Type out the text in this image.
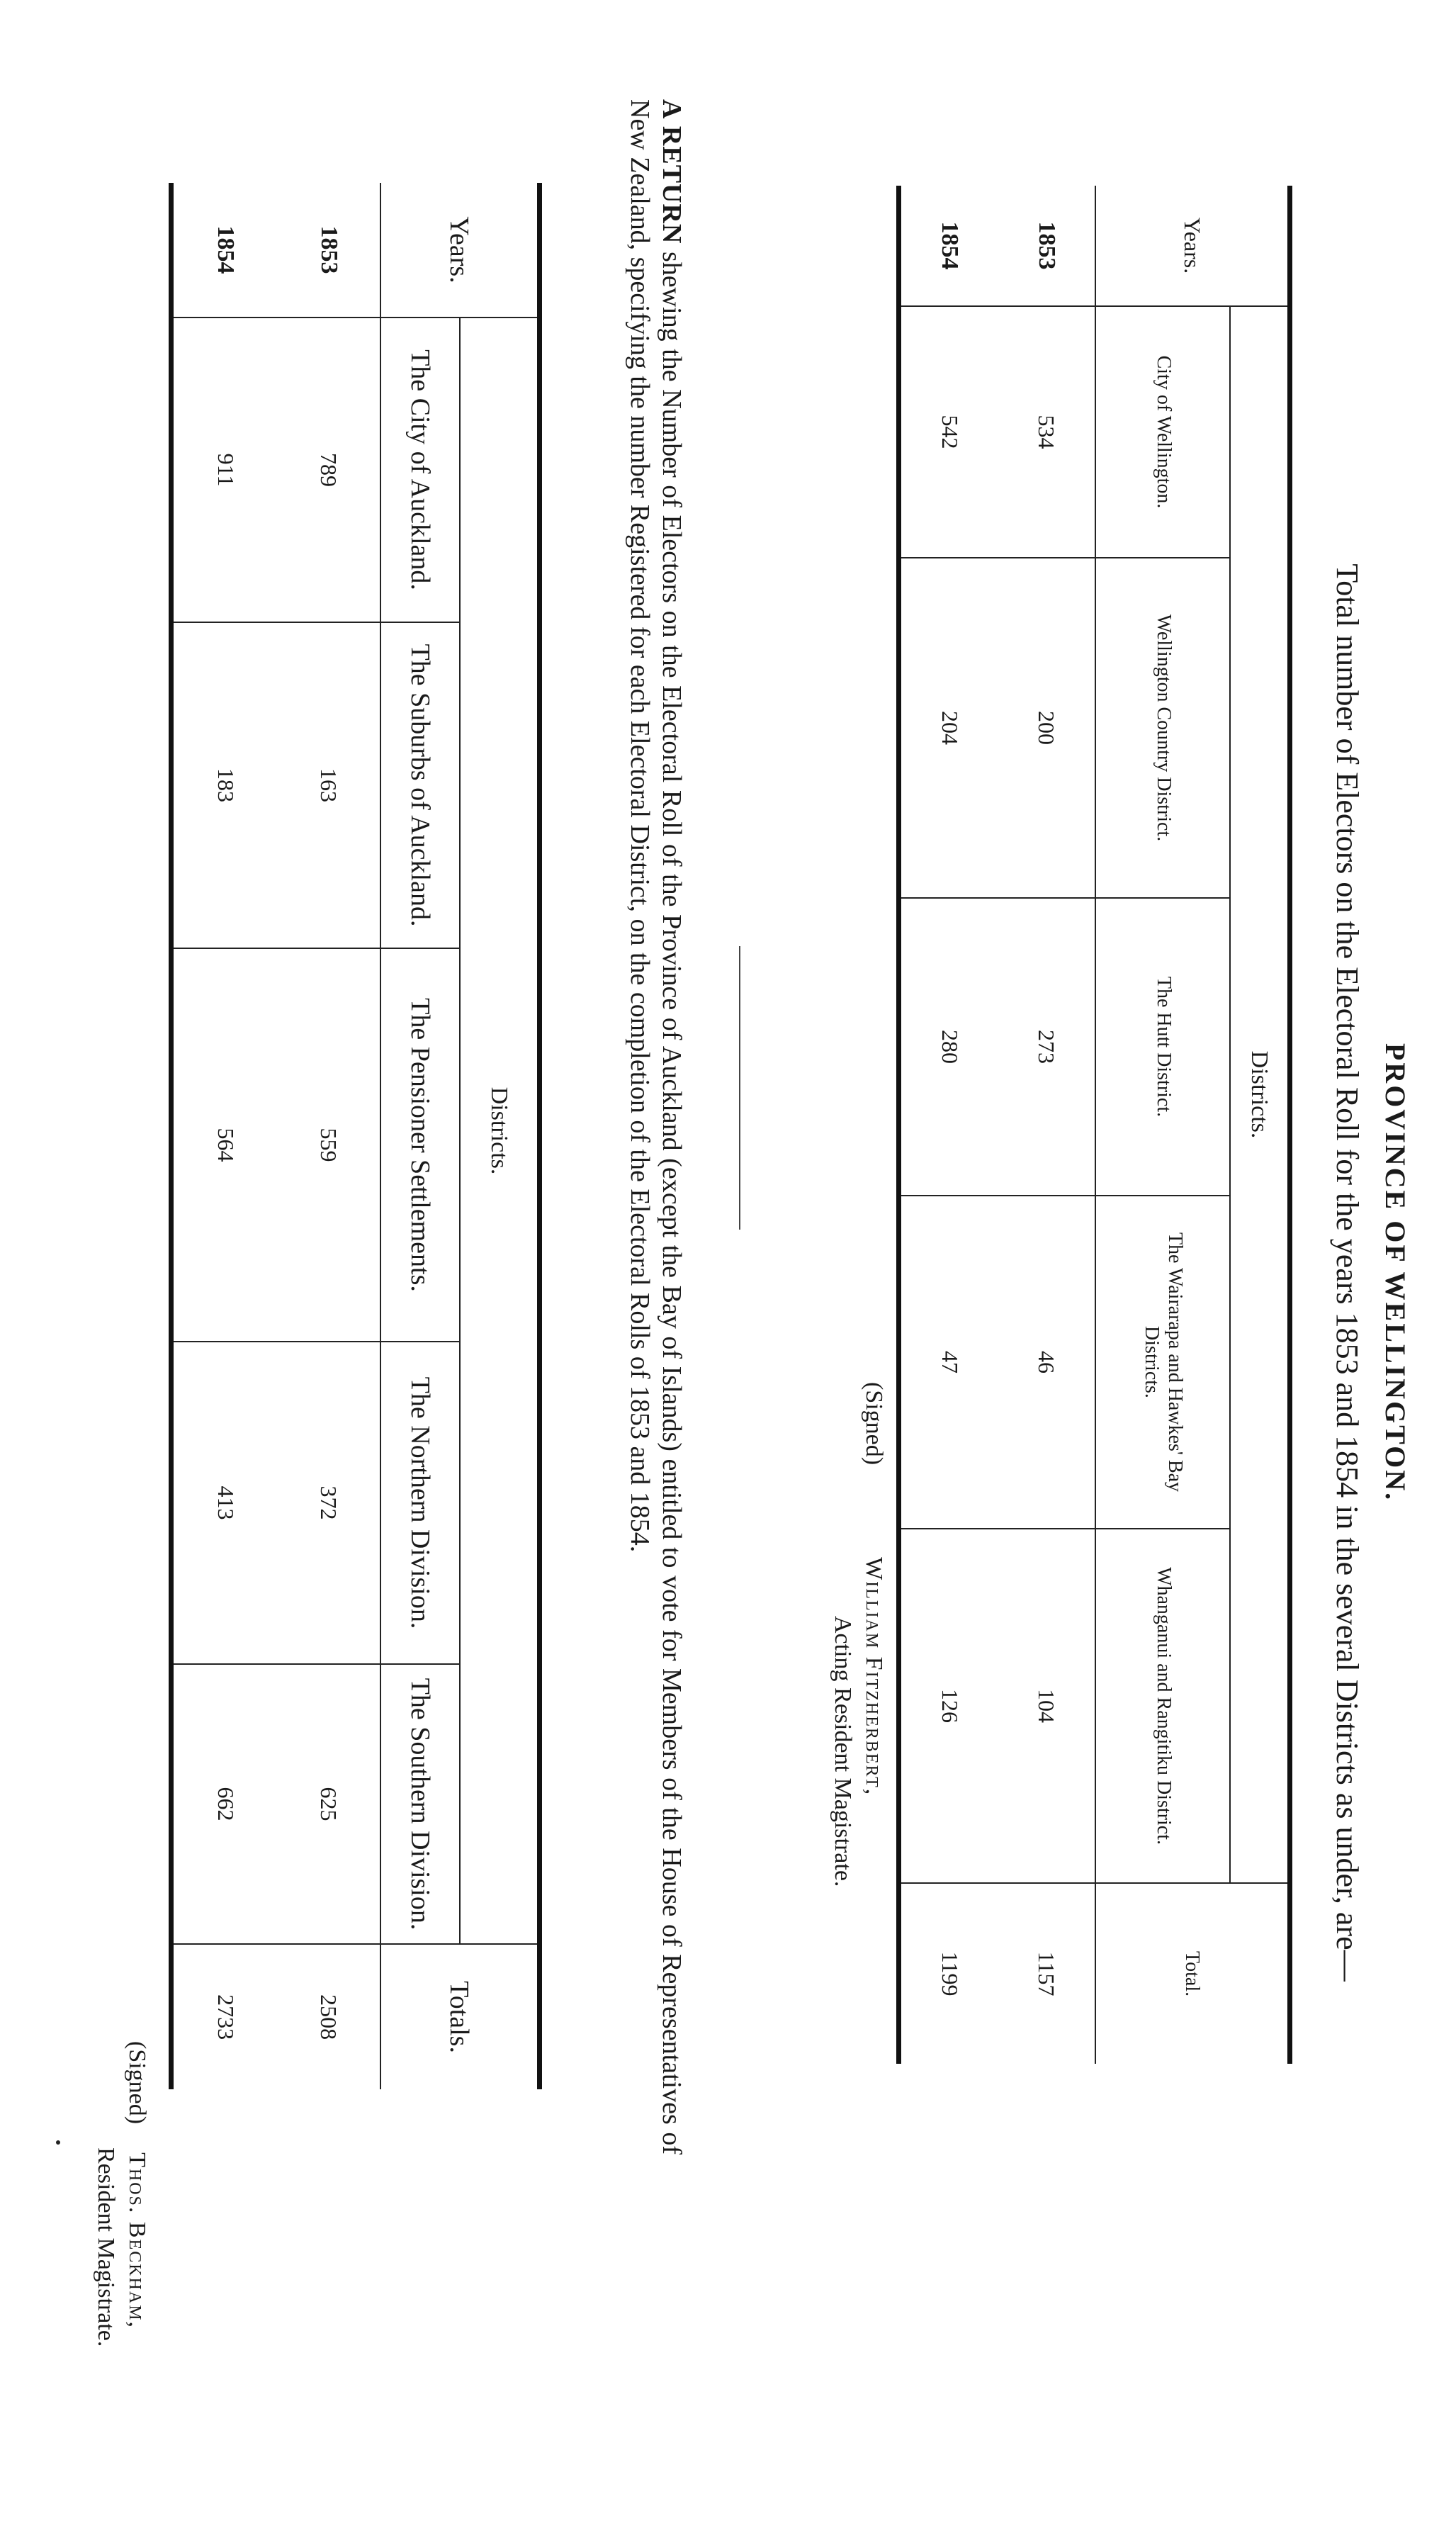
PROVINCE OF WELLINGTON.
Total number of Electors on the Electoral Roll for the years 1853 and 1854 in the several Districts as under, are—
Years.	Districts.					Total.
	City of Wellington.	Wellington Country District.	The Hutt District.	The Wairarapa and Hawkes' Bay Districts.	Whanganui and Rangitiku District.	
1853	534	200	273	46	104	1157
1854	542	204	280	47	126	1199
(Signed)
William Fitzherbert,
Acting Resident Magistrate.
A RETURN shewing the Number of Electors on the Electoral Roll of the Province of Auckland (except the Bay of Islands) entitled to vote for Members of the House of Representatives of New Zealand, specifying the number Registered for each Electoral District, on the completion of the Electoral Rolls of 1853 and 1854.
Years.	Districts.					Totals.
	The City of Auckland.	The Suburbs of Auckland.	The Pensioner Settlements.	The Northern Division.	The Southern Division.	
1853	789	163	559	372	625	2508
1854	911	183	564	413	662	2733
(Signed)
Thos. Beckham,
Resident Magistrate.
